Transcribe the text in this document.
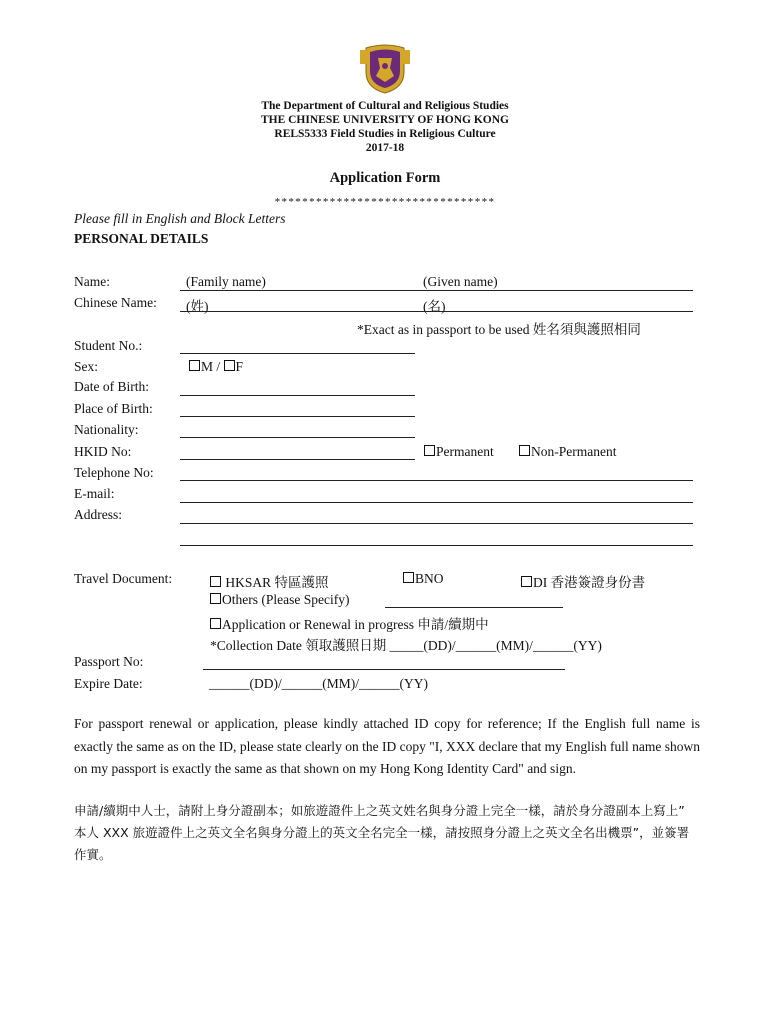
The Department of Cultural and Religious Studies
THE CHINESE UNIVERSITY OF HONG KONG
RELS5333 Field Studies in Religious Culture
2017-18
Application Form
********************************
Please fill in English and Block Letters
PERSONAL DETAILS
Name:	(Family name)	(Given name)
Chinese Name: (姓)	(名)
*Exact as in passport to be used 姓名須與護照相同
Student No.:
Sex:	M / F
Date of Birth:
Place of Birth:
Nationality:
HKID No:	Permanent	Non-Permanent
Telephone No:
E-mail:
Address:
Travel Document:	HKSAR 特區護照	BNO	DI 香港簽證身份書
Others (Please Specify)
Application or Renewal in progress 申請/續期中
*Collection Date 領取護照日期 _____(DD)/______(MM)/______(YY)
Passport No:
Expire Date:	______(DD)/______(MM)/______(YY)
For passport renewal or application, please kindly attached ID copy for reference; If the English full name is exactly the same as on the ID, please state clearly on the ID copy "I, XXX declare that my English full name shown on my passport is exactly the same as that shown on my Hong Kong Identity Card" and sign.
申請/續期中人士，請附上身分證副本；如旅遊證件上之英文姓名與身分證上完全一樣，請於身分證副本上寫上” 本人 XXX 旅遊證件上之英文全名與身分證上的英文全名完全一樣，請按照身分證上之英文全名出機票”，並簽署作實。
